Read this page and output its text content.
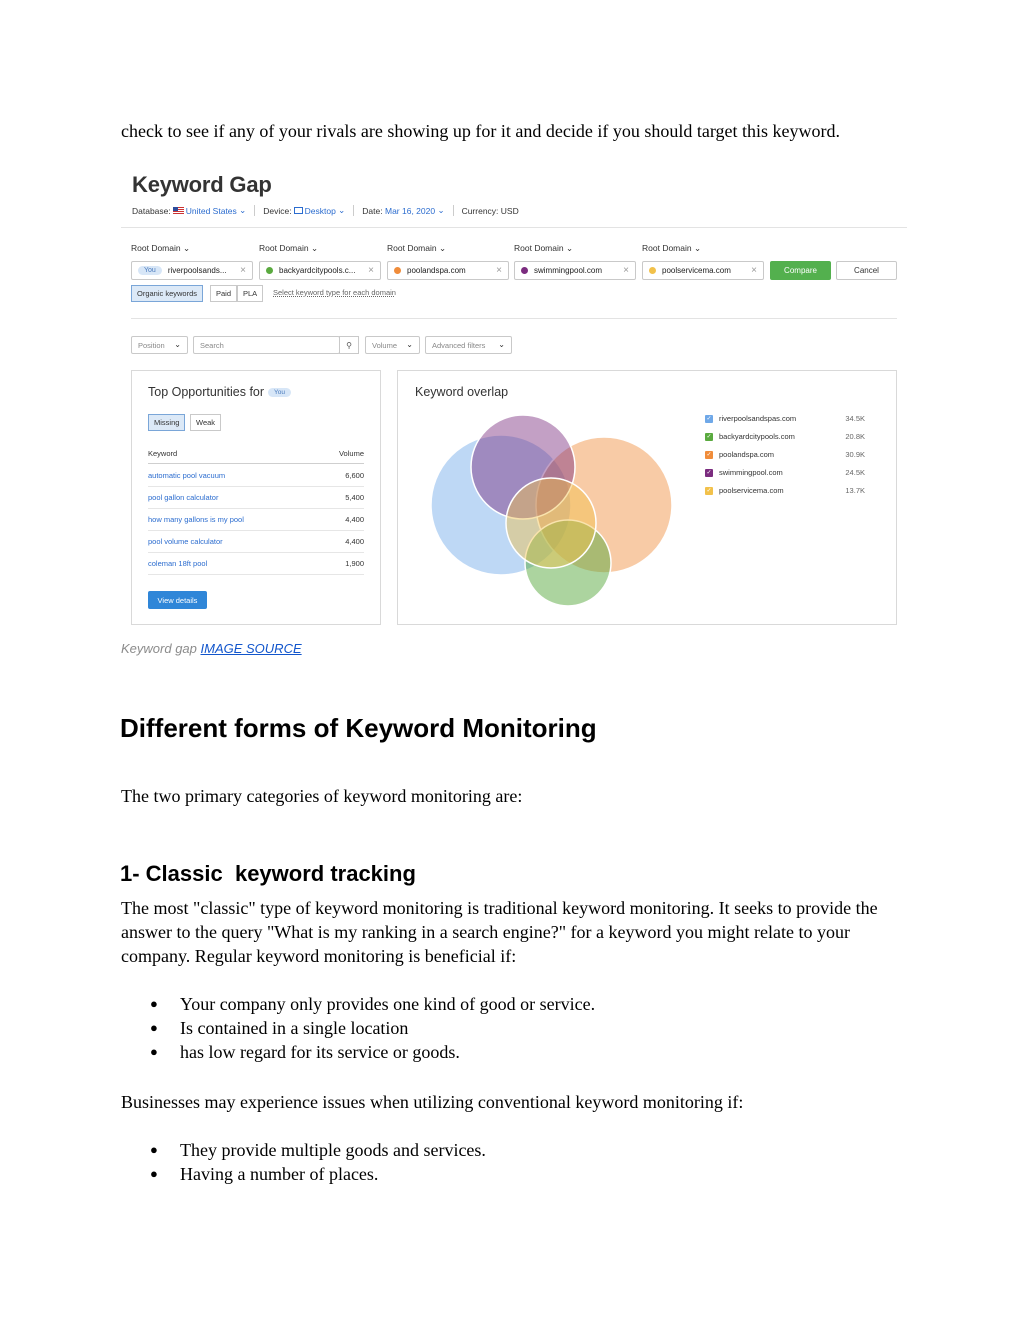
check to see if any of your rivals are showing up for it and decide if you should target this keyword.

Keyword Gap
Database: United States ⌄ Device: Desktop ⌄ Date:
Mar 16, 2020 ⌄ Currency: USD
Root Domain ⌄	Root Domain ⌄	Root Domain ⌄	Root Domain ⌄	Root Domain ⌄
You	riverpoolsands... ×	backyardcitypools.c... ×	poolandspa.com	×	swimmingpool.com ×	poolservicema.com ×	Compare	Cancel
Organic keywords	Paid	PLA	Select keyword type for each domain
Position ⌄	Search	⚲	Volume ⌄	Advanced filters ⌄
Top Opportunities for	You
Missing	Weak
Keyword	Volume
automatic pool vacuum	6,600
pool gallon calculator	5,400
how many gallons is my pool	4,400
pool volume calculator	4,400
coleman 18ft pool	1,900
View details
Keyword overlap
✓ riverpoolsandspas.com	34.5K
✓ backyardcitypools.com	20.8K
✓ poolandspa.com	30.9K
✓ swimmingpool.com	24.5K
✓ poolservicema.com	13.7K
Keyword gap IMAGE SOURCE
Different forms of Keyword Monitoring

The two primary categories of keyword monitoring are:

1- Classic  keyword tracking

The most "classic" type of keyword monitoring is traditional keyword monitoring. It seeks to provide the answer to the query "What is my ranking in a search engine?" for a keyword you might relate to your company. Regular keyword monitoring is beneficial if:

● Your company only provides one kind of good or service.
● Is contained in a single location
● has low regard for its service or goods.

Businesses may experience issues when utilizing conventional keyword monitoring if:

● They provide multiple goods and services.
● Having a number of places.
